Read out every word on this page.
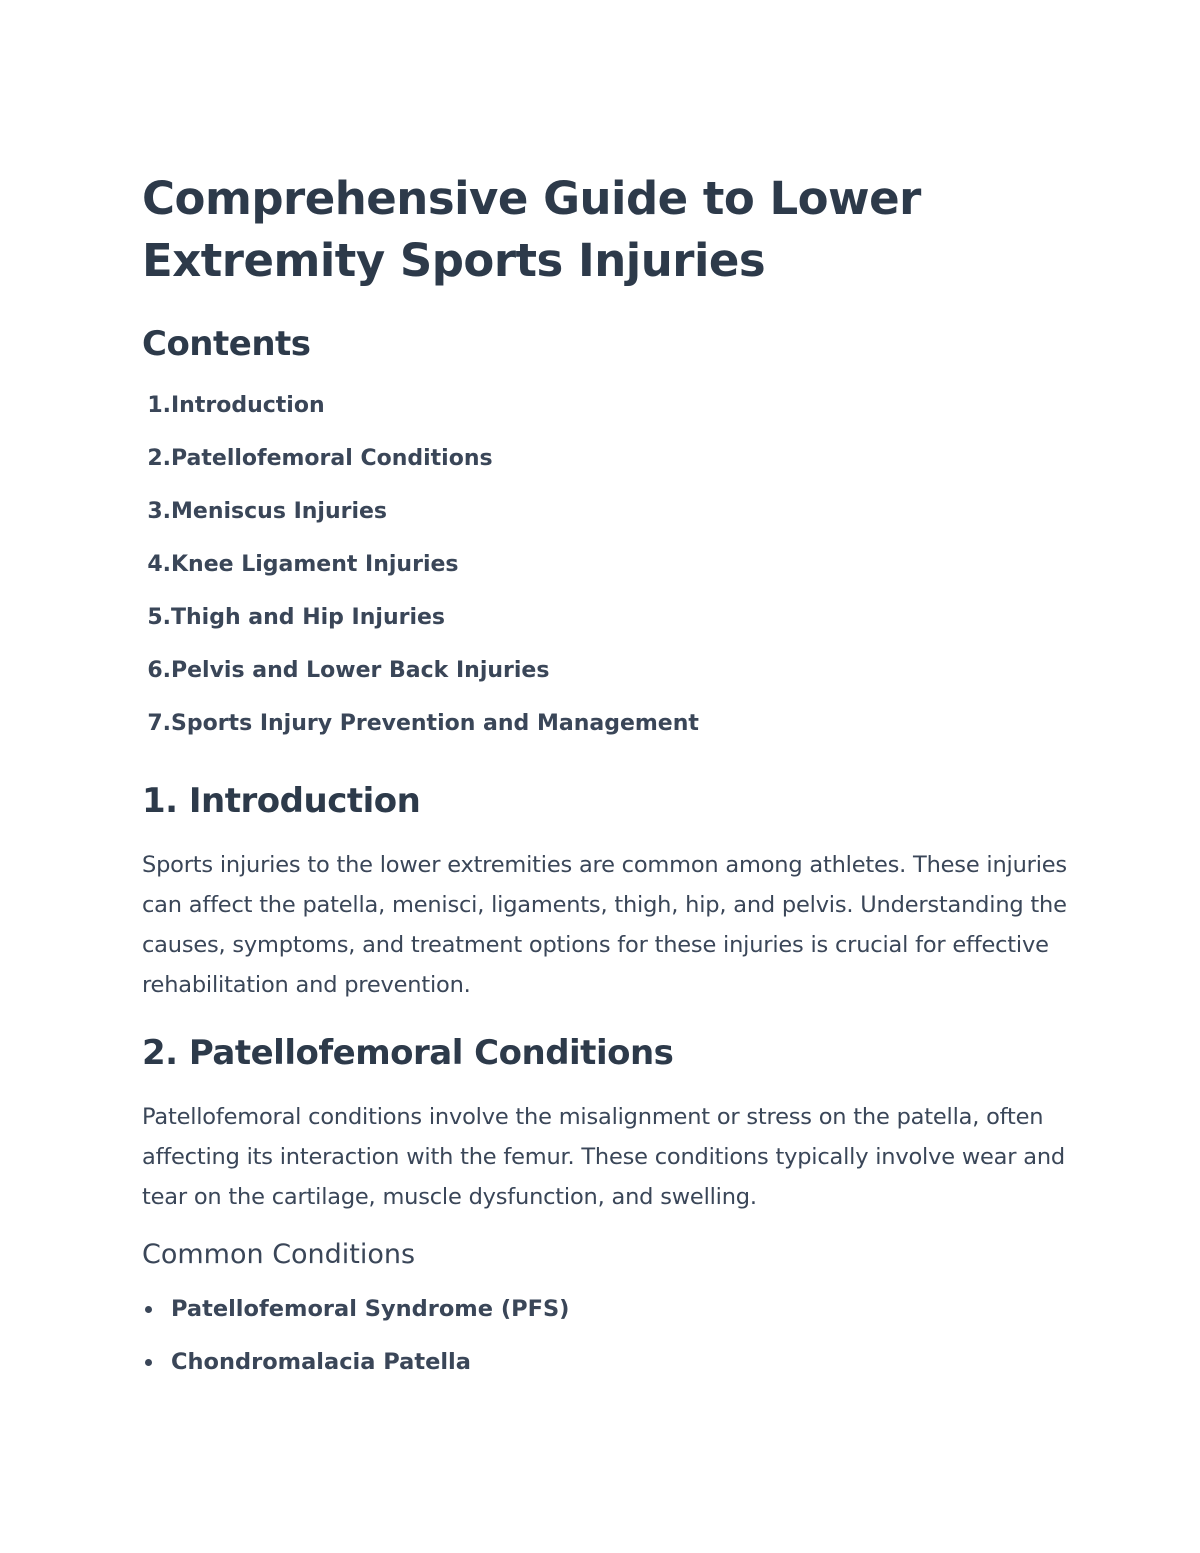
Comprehensive Guide to Lower
Extremity Sports Injuries
Contents
1. Introduction
2. Patellofemoral Conditions
3. Meniscus Injuries
4. Knee Ligament Injuries
5. Thigh and Hip Injuries
6. Pelvis and Lower Back Injuries
7. Sports Injury Prevention and Management
1. Introduction

Sports injuries to the lower extremities are common among athletes. These injuries can affect the patella, menisci, ligaments, thigh, hip, and pelvis. Understanding the causes, symptoms, and treatment options for these injuries is crucial for effective rehabilitation and prevention.

2. Patellofemoral Conditions

Patellofemoral conditions involve the misalignment or stress on the patella, often affecting its interaction with the femur. These conditions typically involve wear and tear on the cartilage, muscle dysfunction, and swelling.

Common Conditions
Patellofemoral Syndrome (PFS)
Chondromalacia Patella
